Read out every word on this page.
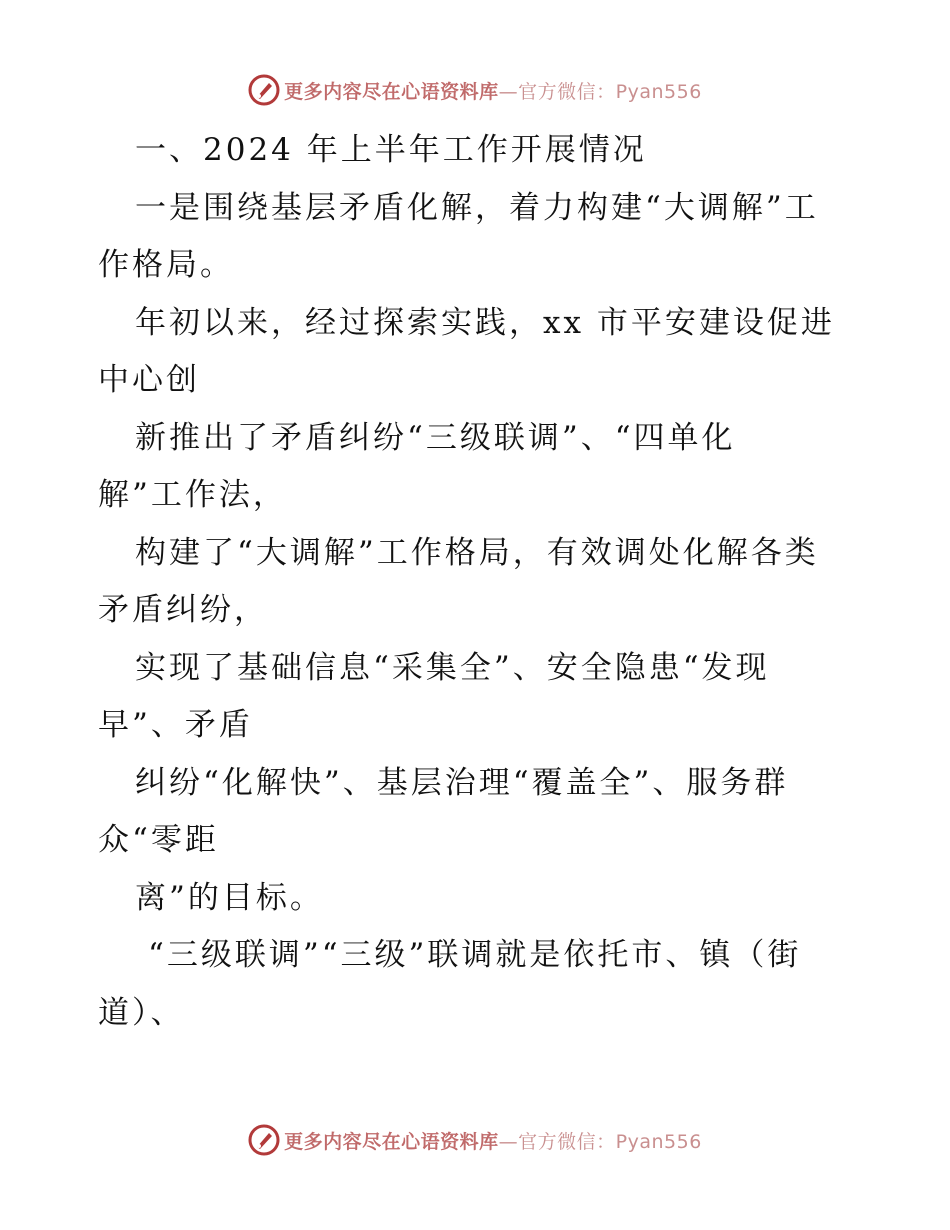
更多内容尽在心语资料库—官方微信：Pyan556
一、2024 年上半年工作开展情况
一是围绕基层矛盾化解，着力构建“大调解”工
作格局。
年初以来，经过探索实践，xx 市平安建设促进
中心创
新推出了矛盾纠纷“三级联调”、“四单化
解”工作法，
构建了“大调解”工作格局，有效调处化解各类
矛盾纠纷，
实现了基础信息“采集全”、安全隐患“发现
早”、矛盾
纠纷“化解快”、基层治理“覆盖全”、服务群
众“零距
离”的目标。
“三级联调”“三级”联调就是依托市、镇（街
道）、
更多内容尽在心语资料库—官方微信：Pyan556
